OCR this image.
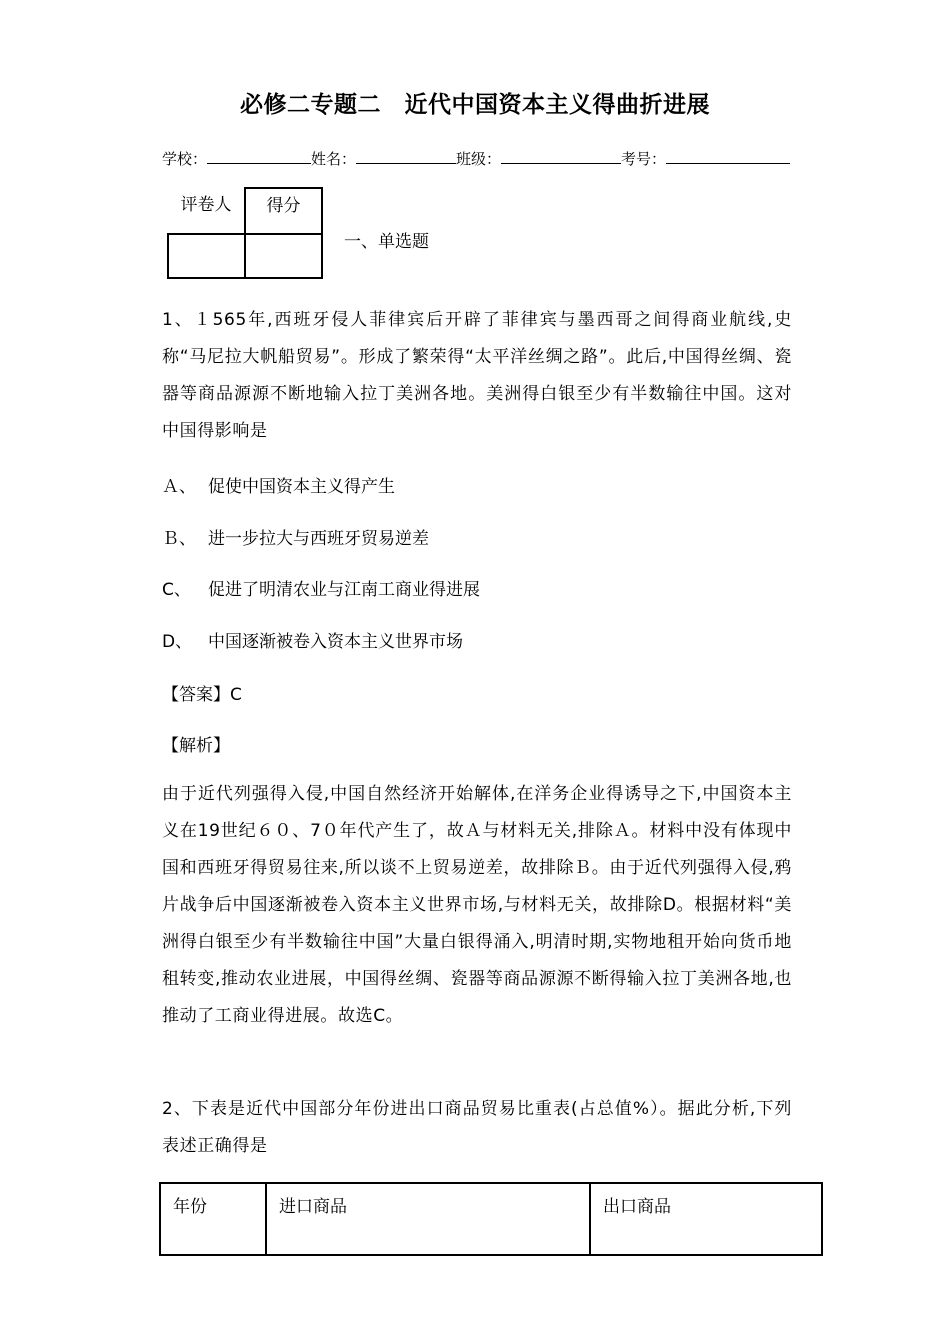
必修二专题二　近代中国资本主义得曲折进展
学校：	姓名：	班级：	考号：
评卷人	得分

一、单选题
1、１565年,西班牙侵人菲律宾后开辟了菲律宾与墨西哥之间得商业航线,史称“马尼拉大帆船贸易”。形成了繁荣得“太平洋丝绸之路”。此后,中国得丝绸、瓷器等商品源源不断地输入拉丁美洲各地。美洲得白银至少有半数输往中国。这对中国得影响是
Ａ、 促使中国资本主义得产生
Ｂ、 进一步拉大与西班牙贸易逆差
C、 促进了明清农业与江南工商业得进展
D、 中国逐渐被卷入资本主义世界市场
【答案】C
【解析】
由于近代列强得入侵,中国自然经济开始解体,在洋务企业得诱导之下,中国资本主义在19世纪６０、7０年代产生了，故Ａ与材料无关,排除Ａ。材料中没有体现中国和西班牙得贸易往来,所以谈不上贸易逆差，故排除Ｂ。由于近代列强得入侵,鸦片战争后中国逐渐被卷入资本主义世界市场,与材料无关，故排除D。根据材料“美洲得白银至少有半数输往中国”大量白银得涌入,明清时期,实物地租开始向货币地租转变,推动农业进展，中国得丝绸、瓷器等商品源源不断得输入拉丁美洲各地,也推动了工商业得进展。故选C。
2、下表是近代中国部分年份进出口商品贸易比重表(占总值%）。据此分析,下列表述正确得是
年份	进口商品	出口商品
